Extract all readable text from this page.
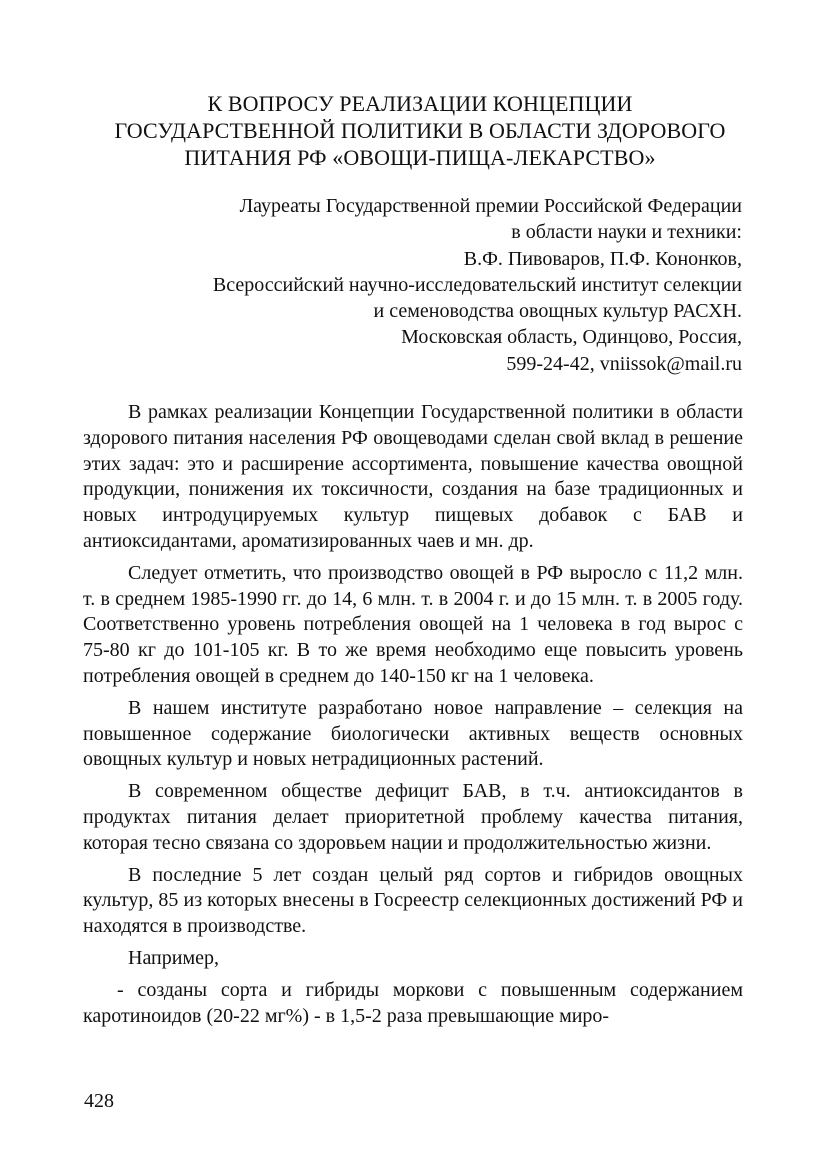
К ВОПРОСУ РЕАЛИЗАЦИИ КОНЦЕПЦИИ
ГОСУДАРСТВЕННОЙ ПОЛИТИКИ В ОБЛАСТИ ЗДОРОВОГО
ПИТАНИЯ РФ «ОВОЩИ-ПИЩА-ЛЕКАРСТВО»
Лауреаты Государственной премии Российской Федерации
в области науки и техники:
В.Ф. Пивоваров, П.Ф. Кононков,
Всероссийский научно-исследовательский институт селекции
и семеноводства овощных культур РАСХН.
Московская область, Одинцово, Россия,
599-24-42, vniissok@mail.ru

В рамках реализации Концепции Государственной политики в области здорового питания населения РФ овощеводами сделан свой вклад в решение этих задач: это и расширение ассортимента, повышение качества овощной продукции, понижения их токсичности, создания на базе традиционных и новых интродуцируемых культур пищевых добавок с БАВ и антиоксидантами, ароматизированных чаев и мн. др.

Следует отметить, что производство овощей в РФ выросло с 11,2 млн. т. в среднем 1985-1990 гг. до 14, 6 млн. т. в 2004 г. и до 15 млн. т. в 2005 году. Соответственно уровень потребления овощей на 1 человека в год вырос с 75-80 кг до 101-105 кг. В то же время необходимо еще повысить уровень потребления овощей в среднем до 140-150 кг на 1 человека.

В нашем институте разработано новое направление – селекция на повышенное содержание биологически активных веществ основных овощных культур и новых нетрадиционных растений.

В современном обществе дефицит БАВ, в т.ч. антиоксидантов в продуктах питания делает приоритетной проблему качества питания, которая тесно связана со здоровьем нации и продолжительностью жизни.

В последние 5 лет создан целый ряд сортов и гибридов овощных культур, 85 из которых внесены в Госреестр селекционных достижений РФ и находятся в производстве.

Например,

- созданы сорта и гибриды моркови с повышенным содержанием каротиноидов (20-22 мг%) - в 1,5-2 раза превышающие миро-

428
